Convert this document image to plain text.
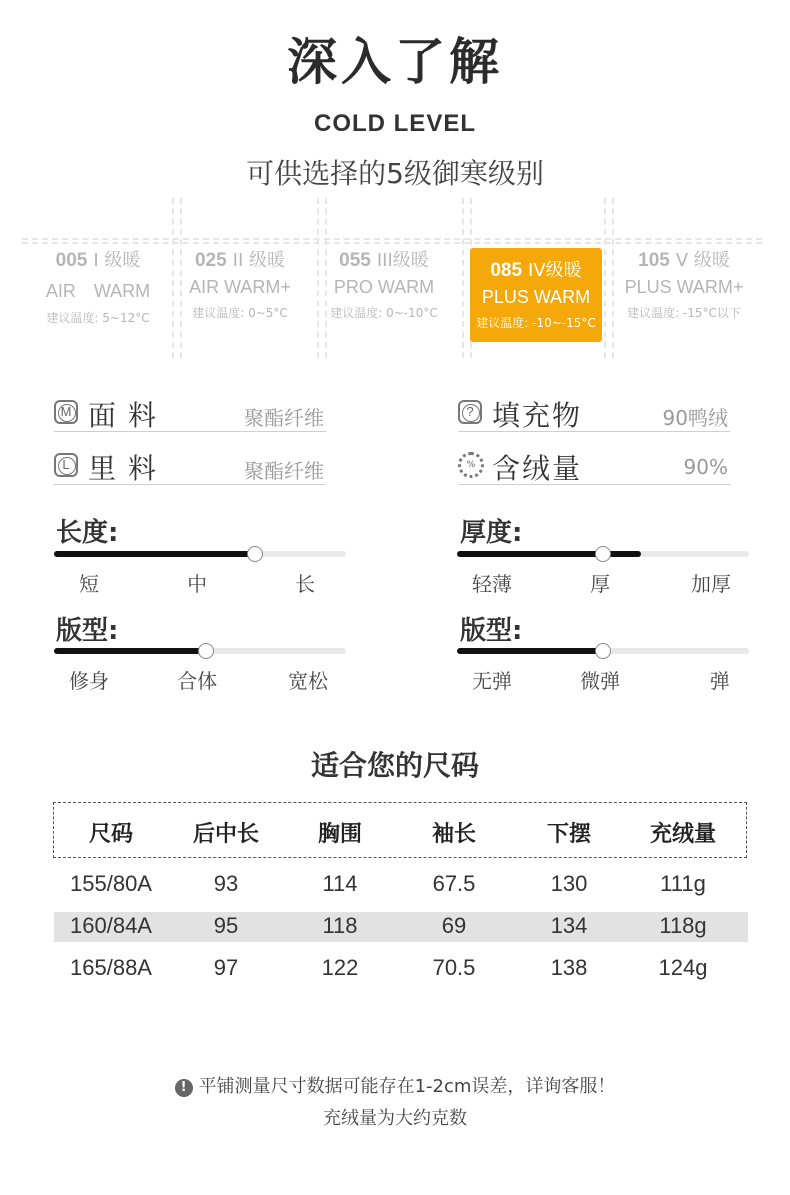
深入了解
COLD LEVEL
可供选择的5级御寒级别
005 I 级暖
AIR　WARM
建议温度: 5~12°C
025 II 级暖
AIR WARM+
建议温度: 0~5°C
055 III级暖
PRO WARM
建议温度: 0~-10°C
085 IV级暖
PLUS WARM
建议温度: -10~-15°C
105 V 级暖
PLUS WARM+
建议温度: -15°C以下
M 面料	聚酯纤维
L 里料	聚酯纤维
? 填充物	90鸭绒
% 含绒量	90%
长度:
短	中	长
厚度:
轻薄	厚	加厚
版型:
修身	合体	宽松
版型:
无弹	微弹	弹
适合您的尺码
尺码	后中长	胸围	袖长	下摆	充绒量
155/80A	93	114	67.5	130	111g
160/84A	95	118	69	134	118g
165/88A	97	122	70.5	138	124g
! 平铺测量尺寸数据可能存在1-2cm误差，详询客服！
充绒量为大约克数
